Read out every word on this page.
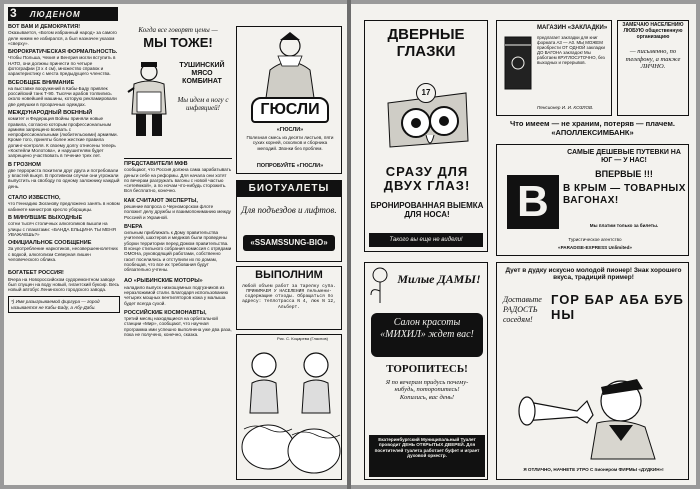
3 ЛЮДЕНОМ

ВОТ ВАМ И ДЕМОКРАТИЯ!

Оказывается, «Богом избранный народ» за самого деле никем не избирался, а был назначен указом «сверху».

БЮРОКРАТИЧЕСКАЯ ФОРМАЛЬНОСТЬ.

Чтобы Польша, Чехия и Венгрия могли вступить в НАТО, они должны принести по четыре фотографии (3 х 4 см), множество справок и характеристику с места предыдущего членства.

ВСЕОБЩЕЕ ВНИМАНИЕ

на выставке вооружений в Кабы-Баду привлек российский танк Т-90. Тысячи арабов толпились около новейшей машины, которую рекламировали две девушки в прозрачных одеждах.

МЕЖДУНАРОДНЫЙ ВОЕННЫЙ

комитет и Федерация Войны приняли новые правила, согласно которым профессиональным армиям запрещено воевать с непрофессиональными (любительскими) армиями. Кроме того, приняты более жесткие правила допинг-контроля. К своему долгу отнесены теперь «Коктейли Молотова», и нарушителям будет запрещено участвовать в течение трех лет.

В ГРОЗНОМ

две террориста похитили друг друга и потребовали у властей выкуп. В противном случае они угрожали выпустить на свободу по одному заложнику каждый день.

СТАЛО ИЗВЕСТНО,

что Геннадию Зюганову предложено занять в новом кабинете министров кресло уборщицы.

В МИНУВШИЕ ВЫХОДНЫЕ

сотни тысяч столичных алкоголиков вышли на улицы с плакатами: «БАНДА ЕЛЬЦИНА ТЫ МЕНЯ УВАЖАЕШЬ?»

ОФИЦИАЛЬНОЕ СООБЩЕНИЕ

За употребление наркотиков, несовершеннолетних с водкой, алкоголизм Северная лишен человеческого облика.

БОГАТЕЕТ РОССИЯ!

Вчера на Новороссийском судоремонтном заводе был спущен на воду новый, гигантский буксир. Весь новый автобус Ленинского городского завода.

*) Имя разыгрываемой фиргура — город называется не Кабы-Баду, а Абу-Даби.

Когда все говорят цены —

МЫ ТОЖЕ!

ТУШИНСКИЙ МЯСО КОМБИНАТ

Мы идем в ногу с инфляцией!	ГЮСЛИ

«ГЮСЛИ»

Полезная смесь из десяти листьев, пяти сухих корней, осколков и сборника мелодий. Звонки без проблем.

ПОПРОБУЙТЕ «ГЮСЛИ»

ПРЕДСТАВИТЕЛИ МФВ

сообщают, что Россия должна сама зарабатывать деньги себе на реформы. Для начала они хотят по вечерам разгружать вагоны с новой частью «сетеёмкой», а по ночам что-нибудь сторожить. Вся бесплатно, конечно.

КАК СЧИТАЮТ ЭКСПЕРТЫ,

решение вопроса о Черноморском флоте положит делу дружбы и взаимопониманию между Россией и Украиной.

ВЧЕРА

сильным приближать к Дому правительства учителей, шахтеров и медиков были проведены уборки территории перед Домом правительства. В конце стильного собрания комиссия с отрядами ОМОНа, руководящий работами, собственно гасит поселились и отступили их по домам, пообещав, что все их требования будут обязательно учтены.

АО «РЫБИНСКИЕ МОТОРЫ»

наладило выпуск низкошумных подгузников из неразложимой стали. Благодаря использованию четырех мощных вентиляторов кожа у малыша будет всегда сухой.

РОССИЙСКИЕ КОСМОНАВТЫ,

третий месяц находящиеся на орбитальной станции «Мир», сообщают, что научная программа ими успешно выполнена уже два раза, пока не получено, конечно, сказка.

БИОТУАЛЕТЫ

Для подъездов и лифтов.

«SSAMSSUNG-BIO»

ВЫПОЛНИМ

любой объем работ за тарелку супа. ПРИНИМАЕМ У НАСЕЛЕНИЯ пельмени-содержащие отходы. Обращаться по адресу: теплотрасса N 4, люк N 12, Альберт.

Рис. С. Коцарева (Гласнов)

ДВЕРНЫЕ ГЛАЗКИ

17

СРАЗУ ДЛЯ ДВУХ ГЛАЗ!

БРОНИРОВАННАЯ ВЫЕМКА ДЛЯ НОСА!

Такого вы еще не видели!

МАГАЗИН «ЗАКЛАДКИ»

предлагает закладки для книг формата А3 — А0. МЫ МОЖЕМ приобрести ОТ ОДНОЙ закладки ДО ВАГОНА закладок! Мы работаем КРУГЛОСУТОЧНО, без выходных и перерывов.

Пенсионер И. И. КОЗЛОВ.

ЗАМЕЧАЮ НАСЕЛЕНИЮ ЛЮБУЮ общественную организацию

— письменно, по телефону, а также ЛИЧНО.

Что имеем — не храним, потеряв — плачем. «АПОЛЛЕКСИМБАНК»

САМЫЕ ДЕШЕВЫЕ ПУТЕВКИ НА ЮГ — У НАС!

ВПЕРВЫЕ !!!

В	В КРЫМ — ТОВАРНЫХ ВАГОНАХ!

Мы платим только за билеты.

Туристическое агентство

«PARADISE-EXPRESS Unlimited»

Милые ДАМЫ!

Салон красоты «МИХИЛ» ждет вас!

ТОРОПИТЕСЬ!

Я по вечерам придусь почему-нибудь, поторопитесь! Копились, вас день!

Екатеринбургский Муниципальный Туалет проводит ДЕНЬ ОТКРЫТЫХ ДВЕРЕЙ. Для посетителей туалета работает буфет и играет духовой оркестр.

Дует в дудку искусно молодой пионер! Знак хорошего вкуса, традиций пример!

Доставьте РАДОСТЬ соседям!

ГОР БАР АБА БУБ НЫ

Я ОТЛИЧНО, НАЧНЕТЕ УТРО С пионером ФИРМЫ «ДУДКИН»!
